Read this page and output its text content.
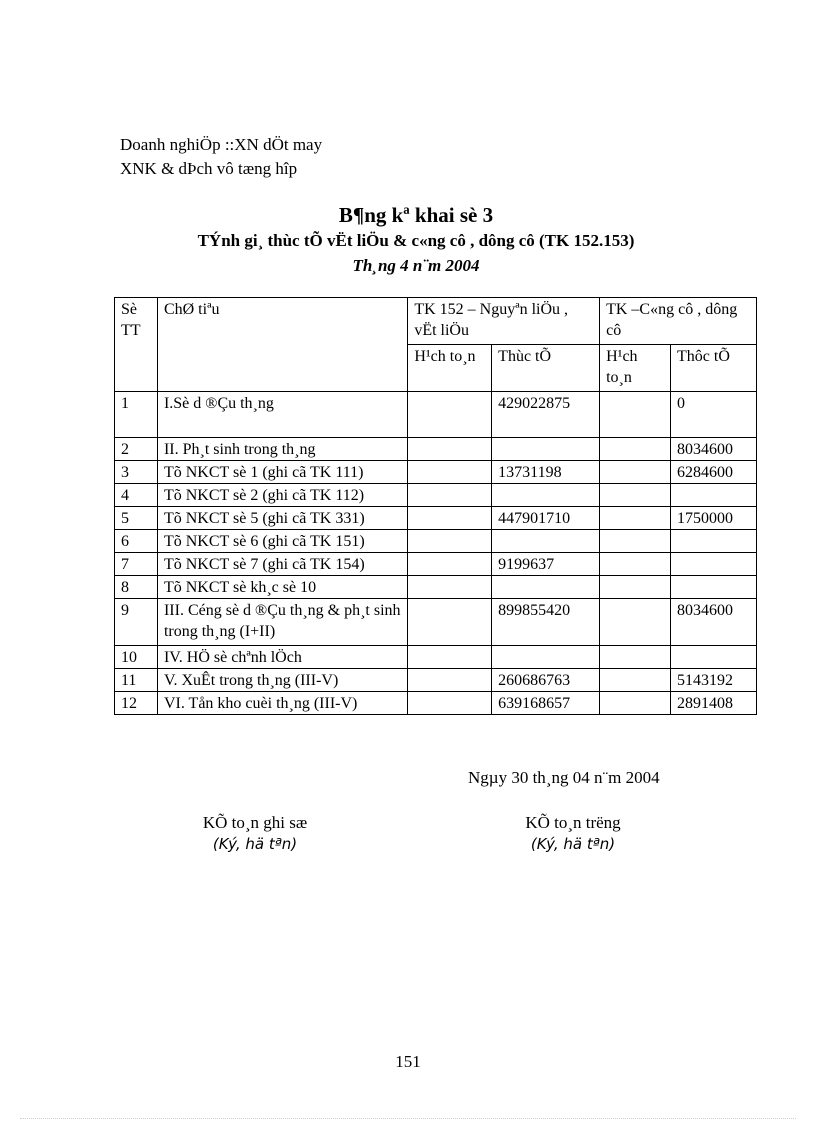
Doanh nghiÖp ::XN dÖt may
XNK & dÞch vô tæng hîp
B¶ng kª khai sè 3
TÝnh gi¸ thùc tÕ vËt liÖu & c«ng cô , dông cô (TK 152.153)
Th¸ng 4 n¨m 2004
Sè TT	ChØ tiªu	TK 152 – Nguyªn liÖu , vËt liÖu		TK –C«ng cô , dông cô	
		H¹ch to¸n	Thùc tÕ	H¹ch to¸n	Thôc tÕ
1	I.Sè d ®Çu th¸ng		429022875		0
2	II. Ph¸t sinh trong th¸ng				8034600
3	Tõ NKCT sè 1 (ghi cã TK 111)		13731198		6284600
4	Tõ NKCT sè 2 (ghi cã TK 112)				
5	Tõ NKCT sè 5 (ghi cã TK 331)		447901710		1750000
6	Tõ NKCT sè 6 (ghi cã TK 151)				
7	Tõ NKCT sè 7 (ghi cã TK 154)		9199637		
8	Tõ NKCT sè kh¸c sè 10				
9	III. Céng sè d ®Çu th¸ng & ph¸t sinh trong th¸ng (I+II)		899855420		8034600
10	IV. HÖ sè chªnh lÖch				
11	V. XuÊt trong th¸ng (III-V)		260686763		5143192
12	VI. Tån kho cuèi th¸ng (III-V)		639168657		2891408
Ngµy 30 th¸ng 04 n¨m 2004
KÕ to¸n ghi sæ
(Ký, hä tªn)
KÕ to¸n trëng
(Ký, hä tªn)
151
